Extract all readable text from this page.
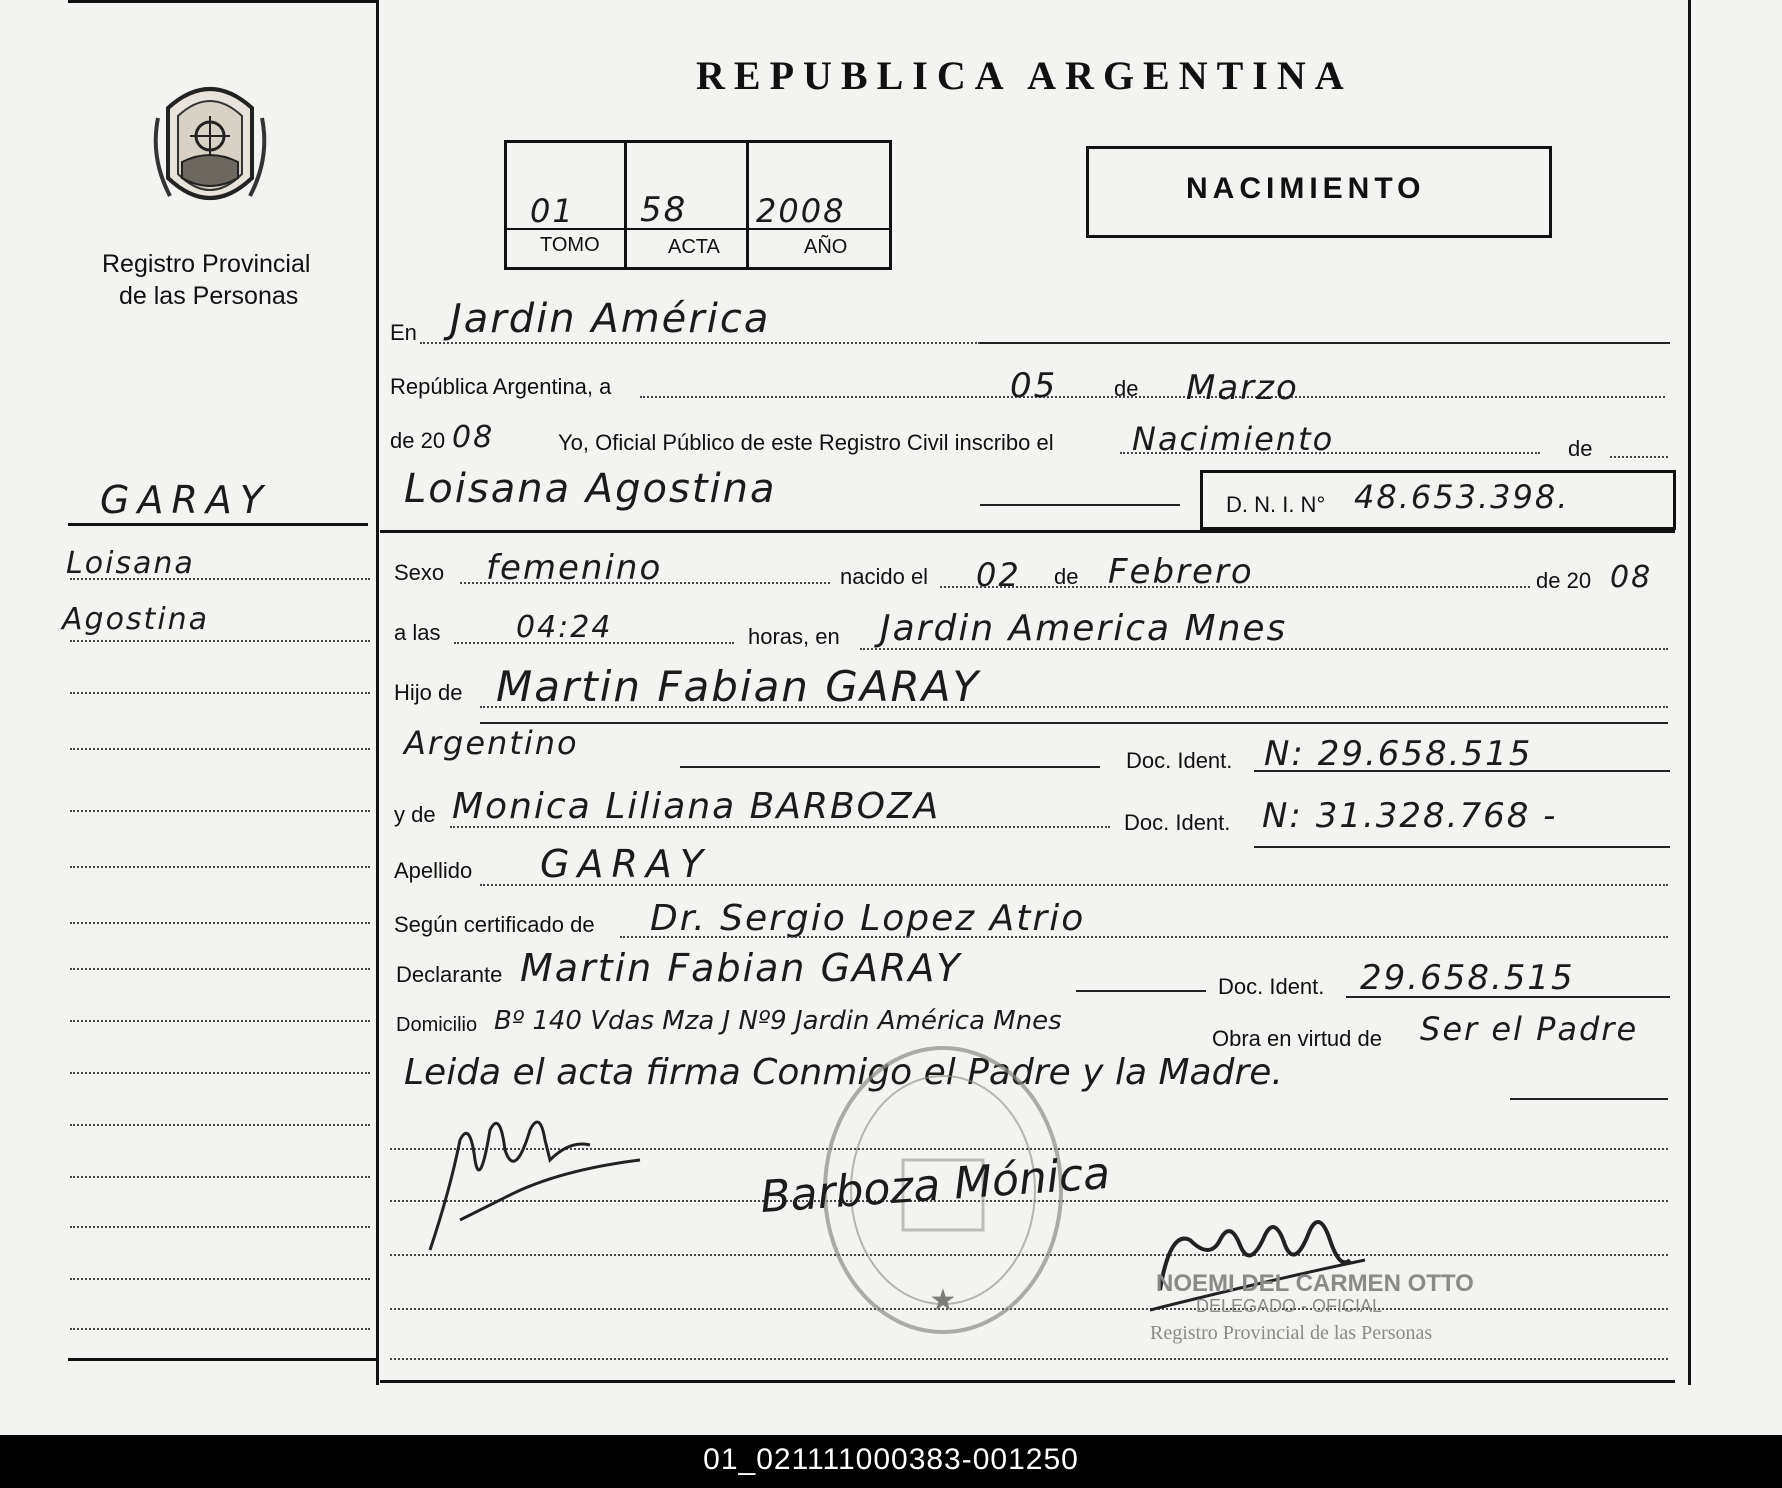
Registro Provincial
de las Personas
GARAY
Loisana
Agostina
REPUBLICA ARGENTINA
01 58 2008
TOMO	ACTA	AÑO
NACIMIENTO
En Jardin América
República Argentina, a	05	de Marzo
de 20 08	Yo, Oficial Público de este Registro Civil inscribo el Nacimiento	de
Loisana Agostina	D. N. I. N° 48.653.398.
Sexo femenino	nacido el 02 de Febrero	de 20 08
a las	04:24	horas, en Jardin America Mnes
Hijo de Martin Fabian GARAY
Argentino	Doc. Ident. N: 29.658.515
y de Monica Liliana BARBOZA	Doc. Ident. N: 31.328.768 -
Apellido GARAY
Según certificado de Dr. Sergio Lopez Atrio
Declarante Martin Fabian GARAY	Doc. Ident. 29.658.515
Domicilio Bº 140 Vdas Mza J Nº9 Jardin América Mnes
Obra en virtud de Ser el Padre
Leida el acta firma Conmigo el Padre y la Madre.
★
Barboza Mónica
NOEMI DEL CARMEN OTTO
DELEGADO - OFICIAL
Registro Provincial de las Personas
01_021111000383-001250
